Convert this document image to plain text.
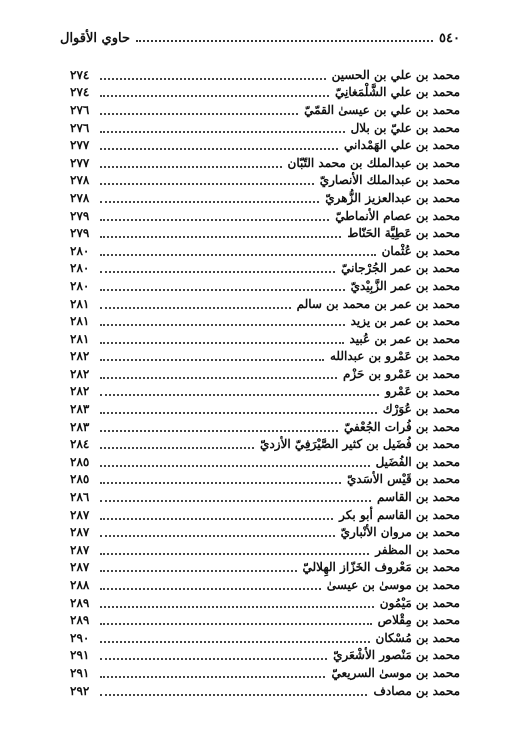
٥٤٠
حاوي الأقوال
محمد بن علي بن الحسين
٢٧٤
محمد بن علي الشَّلْمَغانِيّ
٢٧٤
محمد بن علي بن عيسىٰ القمّيّ
٢٧٦
محمد بن عليّ بن بلال
٢٧٦
محمد بن علي الهَمْداني
٢٧٧
محمد بن عبدالملك بن محمد التّبّان
٢٧٧
محمد بن عبدالملك الأنصاريّ
٢٧٨
محمد بن عبدالعزيز الزُّهريّ
٢٧٨
محمد بن عصام الأنماطيّ
٢٧٩
محمد بن عَطِيَّة الحَنّاط
٢٧٩
محمد بن عُثْمان
٢٨٠
محمد بن عمر الجُرْجانيّ
٢٨٠
محمد بن عمر الزَّبِيْديّ
٢٨٠
محمد بن عمر بن محمد بن سالم
٢٨١
محمد بن عمر بن يزيد
٢٨١
محمد بن عمر بن عُبيد
٢٨١
محمد بن عَمْرو بن عبدالله
٢٨٢
محمد بن عَمْرو بن حَزْم
٢٨٢
محمد بن عَمْرو
٢٨٢
محمد بن عُوَرْك
٢٨٣
محمد بن فُرات الجُعْفيّ
٢٨٣
محمد بن فُضَيل بن كثير الصَّيْرَفِيّ الأزديّ
٢٨٤
محمد بن الفُضَيل
٢٨٥
محمد بن قَيْس الأسَديّ
٢٨٥
محمد بن القاسم
٢٨٦
محمد بن القاسم أبو بكر
٢٨٧
محمد بن مروان الأنْباريّ
٢٨٧
محمد بن المظفر
٢٨٧
محمد بن مَعْروف الخَزّاز الهِلاليّ
٢٨٧
محمد بن موسىٰ بن عيسىٰ
٢٨٨
محمد بن مَيْمُون
٢٨٩
محمد بن مِقْلاص
٢٨٩
محمد بن مُسْكان
٢٩٠
محمد بن مَنْصور الأشْعَريّ
٢٩١
محمد بن موسىٰ السريعيّ
٢٩١
محمد بن مصادف
٢٩٢
